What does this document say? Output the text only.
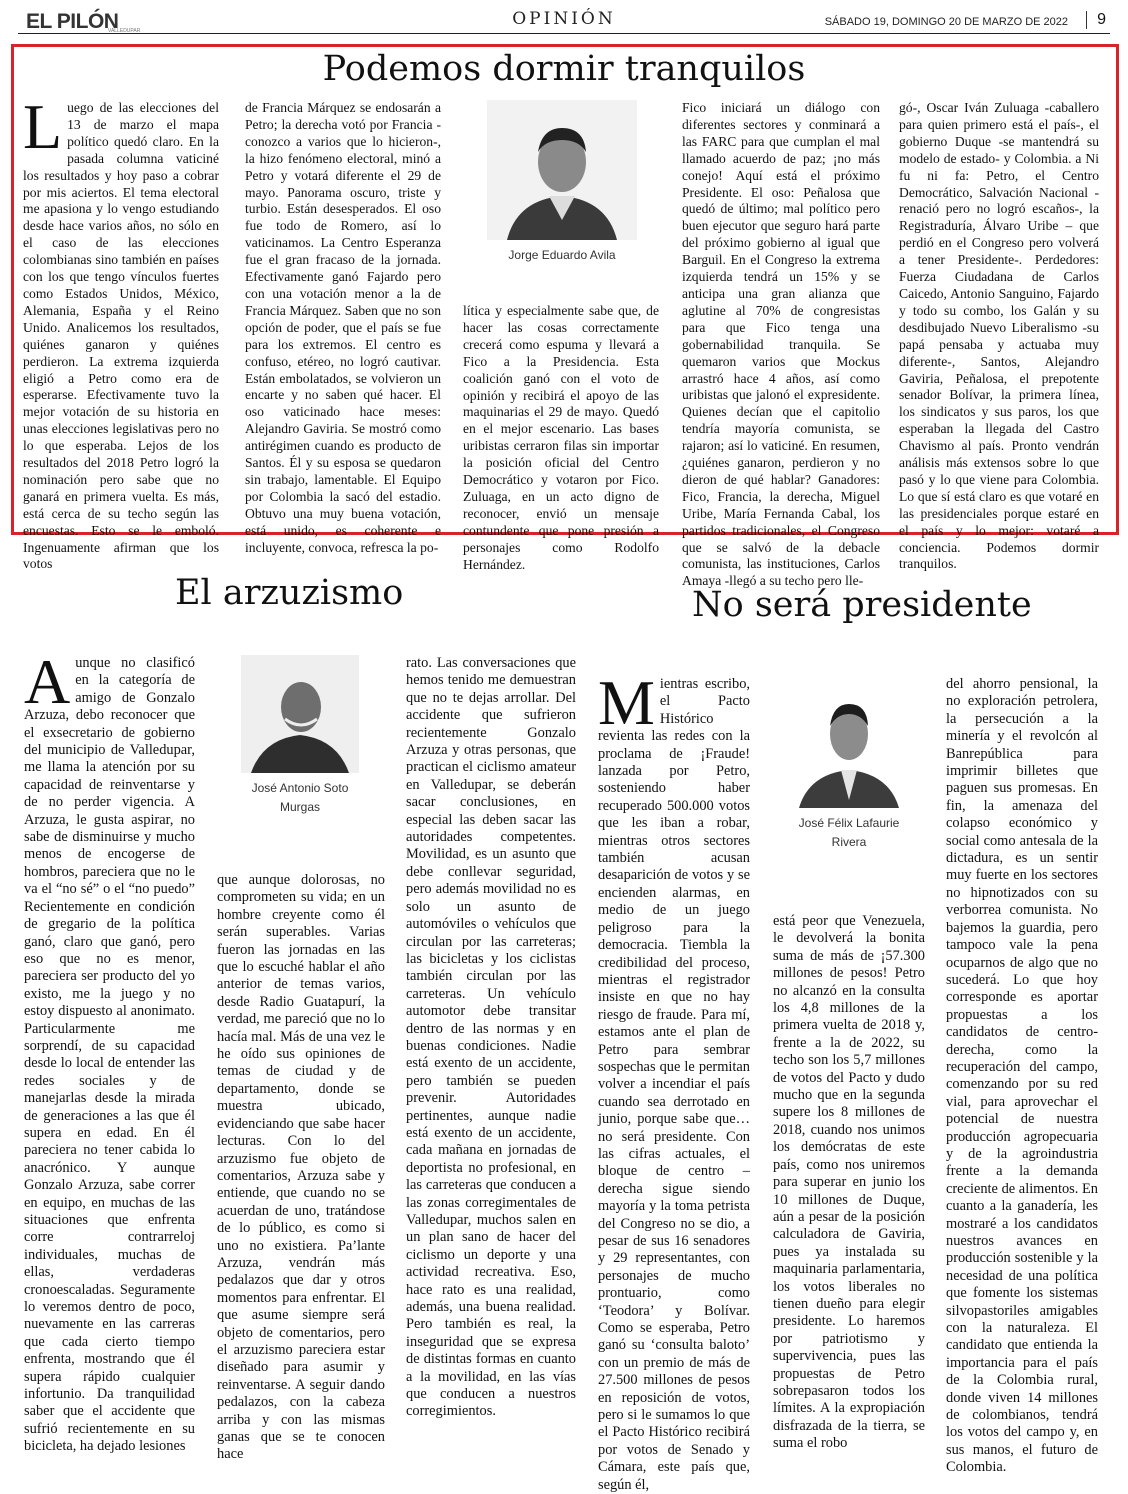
EL PILÓN
VALLEDUPAR
OPINIÓN	SÁBADO 19, DOMINGO 20 DE MARZO DE 2022	9
Podemos dormir tranquilos

Luego de las elecciones del 13 de marzo el mapa político quedó claro. En la pasada columna vaticiné los resultados y hoy paso a cobrar por mis aciertos. El tema electoral me apasiona y lo vengo estudiando desde hace varios años, no sólo en el caso de las elecciones colombianas sino también en países con los que tengo vínculos fuertes como Estados Unidos, México, Alemania, España y el Reino Unido. Analicemos los resultados, quiénes ganaron y quiénes perdieron. La extrema izquierda eligió a Petro como era de esperarse. Efectivamente tuvo la mejor votación de su historia en unas elecciones legislativas pero no lo que esperaba. Lejos de los resultados del 2018 Petro logró la nominación pero sabe que no ganará en primera vuelta. Es más, está cerca de su techo según las encuestas. Esto se le emboló. Ingenuamente afirman que los votos

de Francia Márquez se endosarán a Petro; la derecha votó por Francia -conozco a varios que lo hicieron-, la hizo fenómeno electoral, minó a Petro y votará diferente el 29 de mayo. Panorama oscuro, triste y turbio. Están desesperados. El oso fue todo de Romero, así lo vaticinamos. La Centro Esperanza fue el gran fracaso de la jornada. Efectivamente ganó Fajardo pero con una votación menor a la de Francia Márquez. Saben que no son opción de poder, que el país se fue para los extremos. El centro es confuso, etéreo, no logró cautivar. Están embolatados, se volvieron un encarte y no saben qué hacer. El oso vaticinado hace meses: Alejandro Gaviria. Se mostró como antirégimen cuando es producto de Santos. Él y su esposa se quedaron sin trabajo, lamentable. El Equipo por Colombia la sacó del estadio. Obtuvo una muy buena votación, está unido, es coherente e incluyente, convoca, refresca la po-

Jorge Eduardo Avila

lítica y especialmente sabe que, de hacer las cosas correctamente crecerá como espuma y llevará a Fico a la Presidencia. Esta coalición ganó con el voto de opinión y recibirá el apoyo de las maquinarias el 29 de mayo. Quedó en el mejor escenario. Las bases uribistas cerraron filas sin importar la posición oficial del Centro Democrático y votaron por Fico. Zuluaga, en un acto digno de reconocer, envió un mensaje contundente que pone presión a personajes como Rodolfo Hernández.

Fico iniciará un diálogo con diferentes sectores y conminará a las FARC para que cumplan el mal llamado acuerdo de paz; ¡no más conejo! Aquí está el próximo Presidente. El oso: Peñalosa que quedó de último; mal político pero buen ejecutor que seguro hará parte del próximo gobierno al igual que Barguil. En el Congreso la extrema izquierda tendrá un 15% y se anticipa una gran alianza que aglutine al 70% de congresistas para que Fico tenga una gobernabilidad tranquila. Se quemaron varios que Mockus arrastró hace 4 años, así como uribistas que jalonó el expresidente. Quienes decían que el capitolio tendría mayoría comunista, se rajaron; así lo vaticiné. En resumen, ¿quiénes ganaron, perdieron y no dieron de qué hablar? Ganadores: Fico, Francia, la derecha, Miguel Uribe, María Fernanda Cabal, los partidos tradicionales, el Congreso que se salvó de la debacle comunista, las instituciones, Carlos Amaya -llegó a su techo pero lle-

gó-, Oscar Iván Zuluaga -caballero para quien primero está el país-, el gobierno Duque -se mantendrá su modelo de estado- y Colombia. a Ni fu ni fa: Petro, el Centro Democrático, Salvación Nacional -renació pero no logró escaños-, la Registraduría, Álvaro Uribe – que perdió en el Congreso pero volverá a tener Presidente-. Perdedores: Fuerza Ciudadana de Carlos Caicedo, Antonio Sanguino, Fajardo y todo su combo, los Galán y su desdibujado Nuevo Liberalismo -su papá pensaba y actuaba muy diferente-, Santos, Alejandro Gaviria, Peñalosa, el prepotente senador Bolívar, la primera línea, los sindicatos y sus paros, los que esperaban la llegada del Castro Chavismo al país. Pronto vendrán análisis más extensos sobre lo que pasó y lo que viene para Colombia. Lo que sí está claro es que votaré en las presidenciales porque estaré en el país y lo mejor: votaré a conciencia. Podemos dormir tranquilos.

El arzuzismo

Aunque no clasificó en la categoría de amigo de Gonzalo Arzuza, debo reconocer que el exsecretario de gobierno del municipio de Valledupar, me llama la atención por su capacidad de reinventarse y de no perder vigencia. A Arzuza, le gusta aspirar, no sabe de disminuirse y mucho menos de encogerse de hombros, pareciera que no le va el “no sé” o el “no puedo” Recientemente en condición de gregario de la política ganó, claro que ganó, pero eso que no es menor, pareciera ser producto del yo existo, me la juego y no estoy dispuesto al anonimato. Particularmente me sorprendí, de su capacidad desde lo local de entender las redes sociales y de manejarlas desde la mirada de generaciones a las que él supera en edad. En él pareciera no tener cabida lo anacrónico. Y aunque Gonzalo Arzuza, sabe correr en equipo, en muchas de las situaciones que enfrenta corre contrarreloj individuales, muchas de ellas, verdaderas cronoescaladas. Seguramente lo veremos dentro de poco, nuevamente en las carreras que cada cierto tiempo enfrenta, mostrando que él supera rápido cualquier infortunio. Da tranquilidad saber que el accidente que sufrió recientemente en su bicicleta, ha dejado lesiones

José Antonio Soto
Murgas

que aunque dolorosas, no comprometen su vida; en un hombre creyente como él serán superables. Varias fueron las jornadas en las que lo escuché hablar el año anterior de temas varios, desde Radio Guatapurí, la verdad, me pareció que no lo hacía mal. Más de una vez le he oído sus opiniones de temas de ciudad y de departamento, donde se muestra ubicado, evidenciando que sabe hacer lecturas. Con lo del arzuzismo fue objeto de comentarios, Arzuza sabe y entiende, que cuando no se acuerdan de uno, tratándose de lo público, es como si uno no existiera. Pa’lante Arzuza, vendrán más pedalazos que dar y otros momentos para enfrentar. El que asume siempre será objeto de comentarios, pero el arzuzismo pareciera estar diseñado para asumir y reinventarse. A seguir dando pedalazos, con la cabeza arriba y con las mismas ganas que se te conocen hace

rato. Las conversaciones que hemos tenido me demuestran que no te dejas arrollar. Del accidente que sufrieron recientemente Gonzalo Arzuza y otras personas, que practican el ciclismo amateur en Valledupar, se deberán sacar conclusiones, en especial las deben sacar las autoridades competentes. Movilidad, es un asunto que debe conllevar seguridad, pero además movilidad no es solo un asunto de automóviles o vehículos que circulan por las carreteras; las bicicletas y los ciclistas también circulan por las carreteras. Un vehículo automotor debe transitar dentro de las normas y en buenas condiciones. Nadie está exento de un accidente, pero también se pueden prevenir. Autoridades pertinentes, aunque nadie está exento de un accidente, cada mañana en jornadas de deportista no profesional, en las carreteras que conducen a las zonas corregimentales de Valledupar, muchos salen en un plan sano de hacer del ciclismo un deporte y una actividad recreativa. Eso, hace rato es una realidad, además, una buena realidad. Pero también es real, la inseguridad que se expresa de distintas formas en cuanto a la movilidad, en las vías que conducen a nuestros corregimientos.

No será presidente

Mientras escribo, el Pacto Histórico revienta las redes con la proclama de ¡Fraude! lanzada por Petro, sosteniendo haber recuperado 500.000 votos que les iban a robar, mientras otros sectores también acusan desaparición de votos y se encienden alarmas, en medio de un juego peligroso para la democracia. Tiembla la credibilidad del proceso, mientras el registrador insiste en que no hay riesgo de fraude. Para mí, estamos ante el plan de Petro para sembrar sospechas que le permitan volver a incendiar el país cuando sea derrotado en junio, porque sabe que… no será presidente. Con las cifras actuales, el bloque de centro – derecha sigue siendo mayoría y la toma petrista del Congreso no se dio, a pesar de sus 16 senadores y 29 representantes, con personajes de mucho prontuario, como ‘Teodora’ y Bolívar. Como se esperaba, Petro ganó su ‘consulta baloto’ con un premio de más de 27.500 millones de pesos en reposición de votos, pero si le sumamos lo que el Pacto Histórico recibirá por votos de Senado y Cámara, este país que, según él,

José Félix Lafaurie
Rivera

está peor que Venezuela, le devolverá la bonita suma de más de ¡57.300 millones de pesos! Petro no alcanzó en la consulta los 4,8 millones de la primera vuelta de 2018 y, frente a la de 2022, su techo son los 5,7 millones de votos del Pacto y dudo mucho que en la segunda supere los 8 millones de 2018, cuando nos unimos los demócratas de este país, como nos uniremos para superar en junio los 10 millones de Duque, aún a pesar de la posición calculadora de Gaviria, pues ya instalada su maquinaria parlamentaria, los votos liberales no tienen dueño para elegir presidente. Lo haremos por patriotismo y supervivencia, pues las propuestas de Petro sobrepasaron todos los límites. A la expropiación disfrazada de la tierra, se suma el robo

del ahorro pensional, la no exploración petrolera, la persecución a la minería y el revolcón al Banrepública para imprimir billetes que paguen sus promesas. En fin, la amenaza del colapso económico y social como antesala de la dictadura, es un sentir muy fuerte en los sectores no hipnotizados con su verborrea comunista. No bajemos la guardia, pero tampoco vale la pena ocuparnos de algo que no sucederá. Lo que hoy corresponde es aportar propuestas a los candidatos de centro-derecha, como la recuperación del campo, comenzando por su red vial, para aprovechar el potencial de nuestra producción agropecuaria y de la agroindustria frente a la demanda creciente de alimentos. En cuanto a la ganadería, les mostraré a los candidatos nuestros avances en producción sostenible y la necesidad de una política que fomente los sistemas silvopastoriles amigables con la naturaleza. El candidato que entienda la importancia para el país de la Colombia rural, donde viven 14 millones de colombianos, tendrá los votos del campo y, en sus manos, el futuro de Colombia.
